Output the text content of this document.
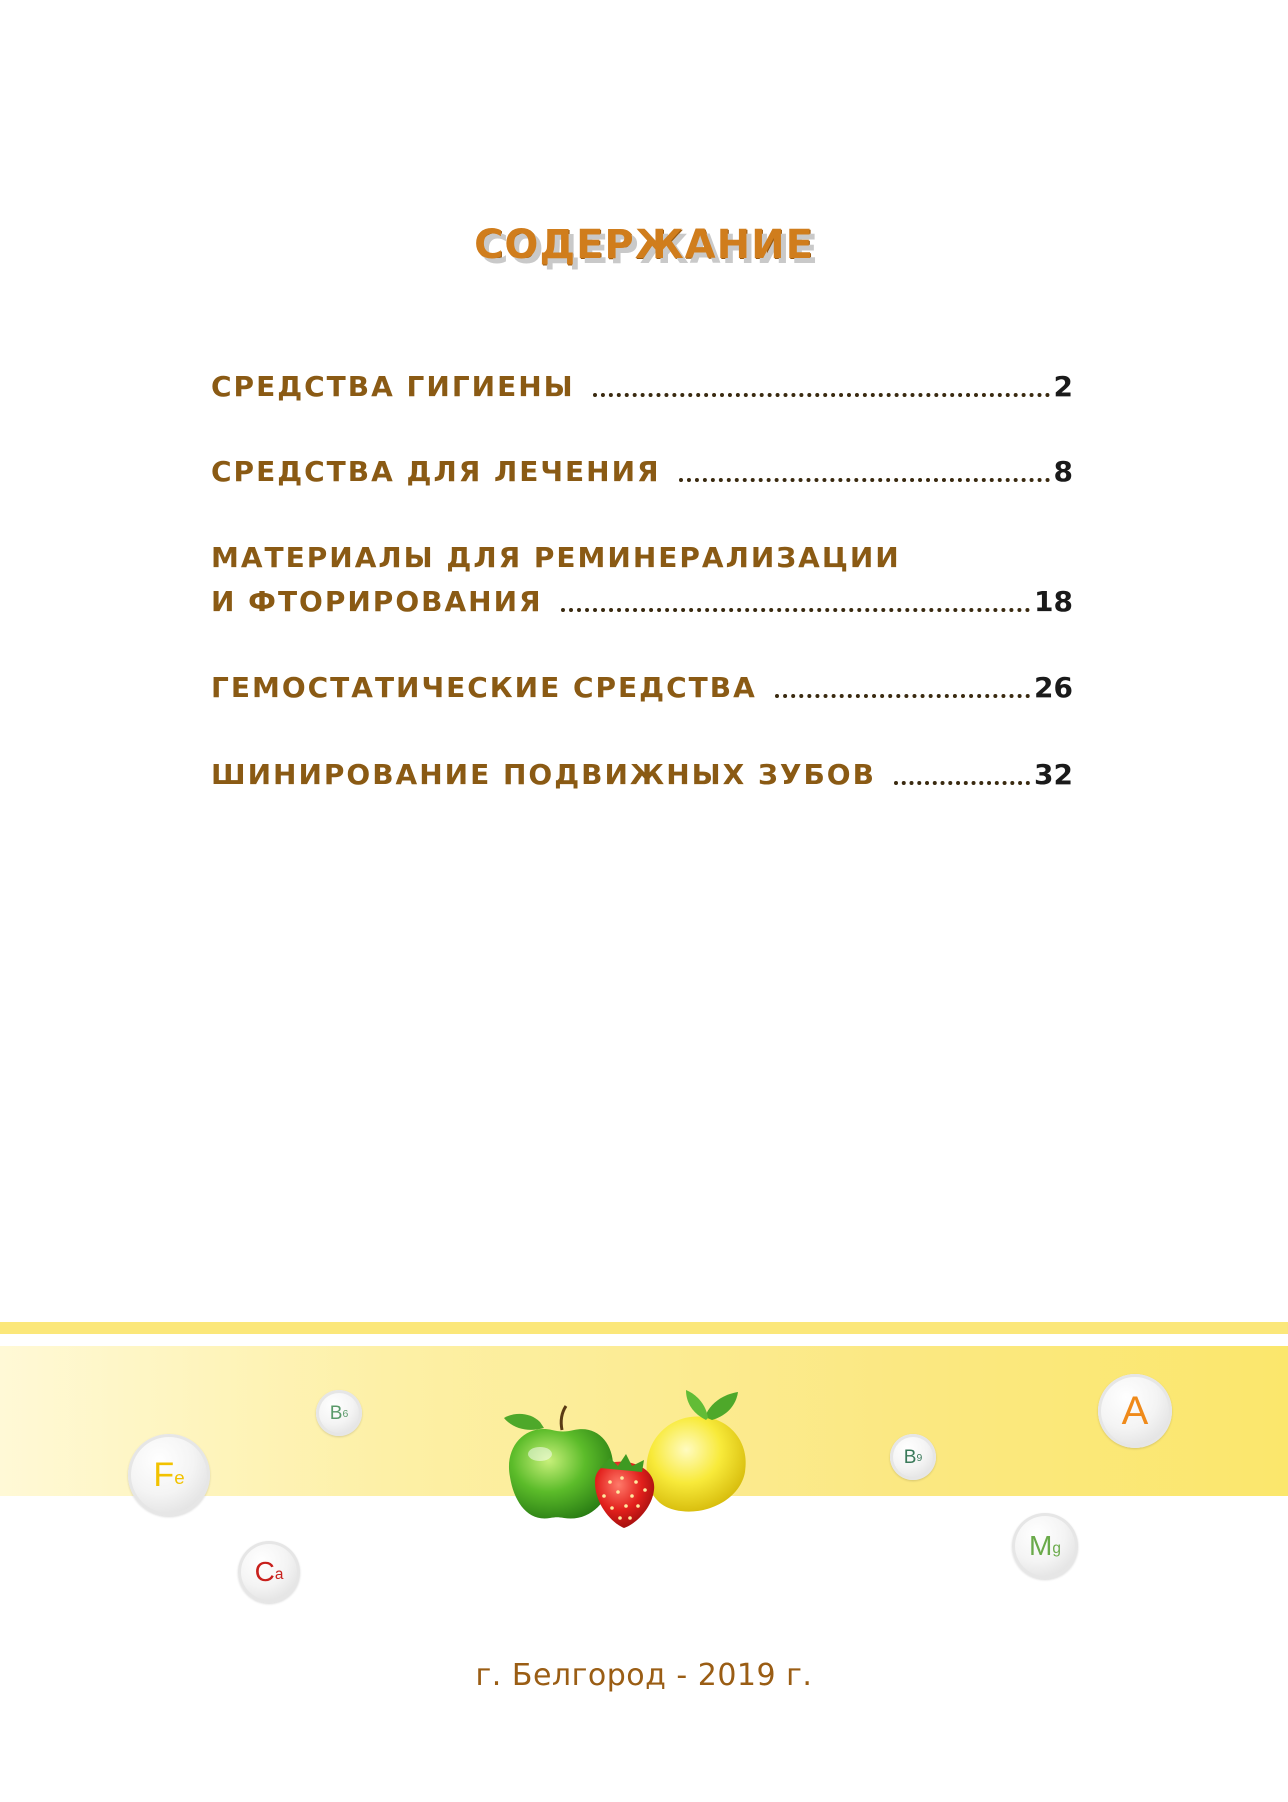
СОДЕРЖАНИЕ
СРЕДСТВА ГИГИЕНЫ	2
СРЕДСТВА ДЛЯ ЛЕЧЕНИЯ	8
МАТЕРИАЛЫ ДЛЯ РЕМИНЕРАЛИЗАЦИИ
И ФТОРИРОВАНИЯ	18
ГЕМОСТАТИЧЕСКИЕ СРЕДСТВА	26
ШИНИРОВАНИЕ ПОДВИЖНЫХ ЗУБОВ	32
F e
B 6
C a
B 9
A
M g
г. Белгород - 2019 г.
